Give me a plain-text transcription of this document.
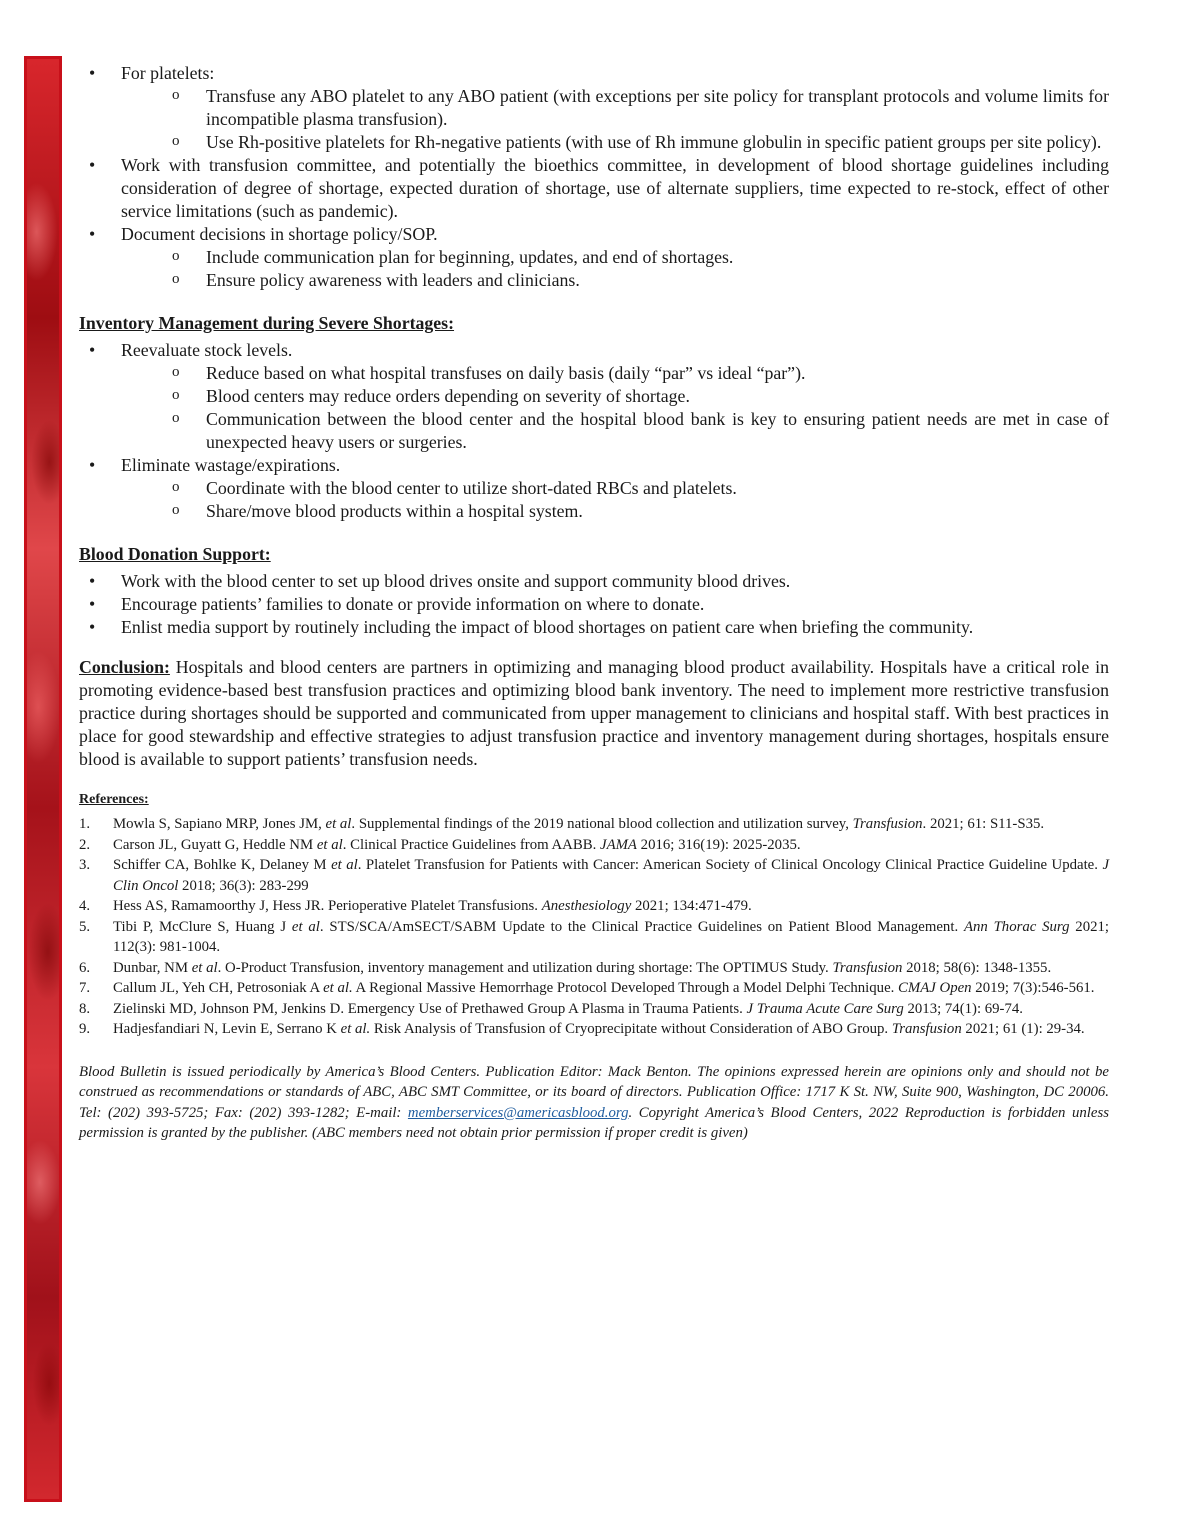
• For platelets:
o Transfuse any ABO platelet to any ABO patient (with exceptions per site policy for transplant protocols and volume limits for incompatible plasma transfusion).
o Use Rh-positive platelets for Rh-negative patients (with use of Rh immune globulin in specific patient groups per site policy).
• Work with transfusion committee, and potentially the bioethics committee, in development of blood shortage guidelines including consideration of degree of shortage, expected duration of shortage, use of alternate suppliers, time expected to re-stock, effect of other service limitations (such as pandemic).
• Document decisions in shortage policy/SOP.
o Include communication plan for beginning, updates, and end of shortages.
o Ensure policy awareness with leaders and clinicians.

Inventory Management during Severe Shortages:

• Reevaluate stock levels.
o Reduce based on what hospital transfuses on daily basis (daily “par” vs ideal “par”).
o Blood centers may reduce orders depending on severity of shortage.
o Communication between the blood center and the hospital blood bank is key to ensuring patient needs are met in case of unexpected heavy users or surgeries.
• Eliminate wastage/expirations.
o Coordinate with the blood center to utilize short-dated RBCs and platelets.
o Share/move blood products within a hospital system.

Blood Donation Support:

• Work with the blood center to set up blood drives onsite and support community blood drives.
• Encourage patients’ families to donate or provide information on where to donate.
• Enlist media support by routinely including the impact of blood shortages on patient care when briefing the community.

Conclusion: Hospitals and blood centers are partners in optimizing and managing blood product availability. Hospitals have a critical role in promoting evidence-based best transfusion practices and optimizing blood bank inventory. The need to implement more restrictive transfusion practice during shortages should be supported and communicated from upper management to clinicians and hospital staff. With best practices in place for good stewardship and effective strategies to adjust transfusion practice and inventory management during shortages, hospitals ensure blood is available to support patients’ transfusion needs.

References:
1. Mowla S, Sapiano MRP, Jones JM, et al. Supplemental findings of the 2019 national blood collection and utilization survey, Transfusion. 2021; 61: S11-S35.
2. Carson JL, Guyatt G, Heddle NM et al. Clinical Practice Guidelines from AABB. JAMA 2016; 316(19): 2025-2035.
3. Schiffer CA, Bohlke K, Delaney M et al. Platelet Transfusion for Patients with Cancer: American Society of Clinical Oncology Clinical Practice Guideline Update. J Clin Oncol 2018; 36(3): 283-299
4. Hess AS, Ramamoorthy J, Hess JR. Perioperative Platelet Transfusions. Anesthesiology 2021; 134:471-479.
5. Tibi P, McClure S, Huang J et al. STS/SCA/AmSECT/SABM Update to the Clinical Practice Guidelines on Patient Blood Management. Ann Thorac Surg 2021; 112(3): 981-1004.
6. Dunbar, NM et al. O-Product Transfusion, inventory management and utilization during shortage: The OPTIMUS Study. Transfusion 2018; 58(6): 1348-1355.
7. Callum JL, Yeh CH, Petrosoniak A et al. A Regional Massive Hemorrhage Protocol Developed Through a Model Delphi Technique. CMAJ Open 2019; 7(3):546-561.
8. Zielinski MD, Johnson PM, Jenkins D. Emergency Use of Prethawed Group A Plasma in Trauma Patients. J Trauma Acute Care Surg 2013; 74(1): 69-74.
9. Hadjesfandiari N, Levin E, Serrano K et al. Risk Analysis of Transfusion of Cryoprecipitate without Consideration of ABO Group. Transfusion 2021; 61 (1): 29-34.

Blood Bulletin is issued periodically by America’s Blood Centers. Publication Editor: Mack Benton. The opinions expressed herein are opinions only and should not be construed as recommendations or standards of ABC, ABC SMT Committee, or its board of directors. Publication Office: 1717 K St. NW, Suite 900, Washington, DC 20006. Tel: (202) 393-5725; Fax: (202) 393-1282; E-mail: memberservices@americasblood.org. Copyright America’s Blood Centers, 2022 Reproduction is forbidden unless permission is granted by the publisher. (ABC members need not obtain prior permission if proper credit is given)
